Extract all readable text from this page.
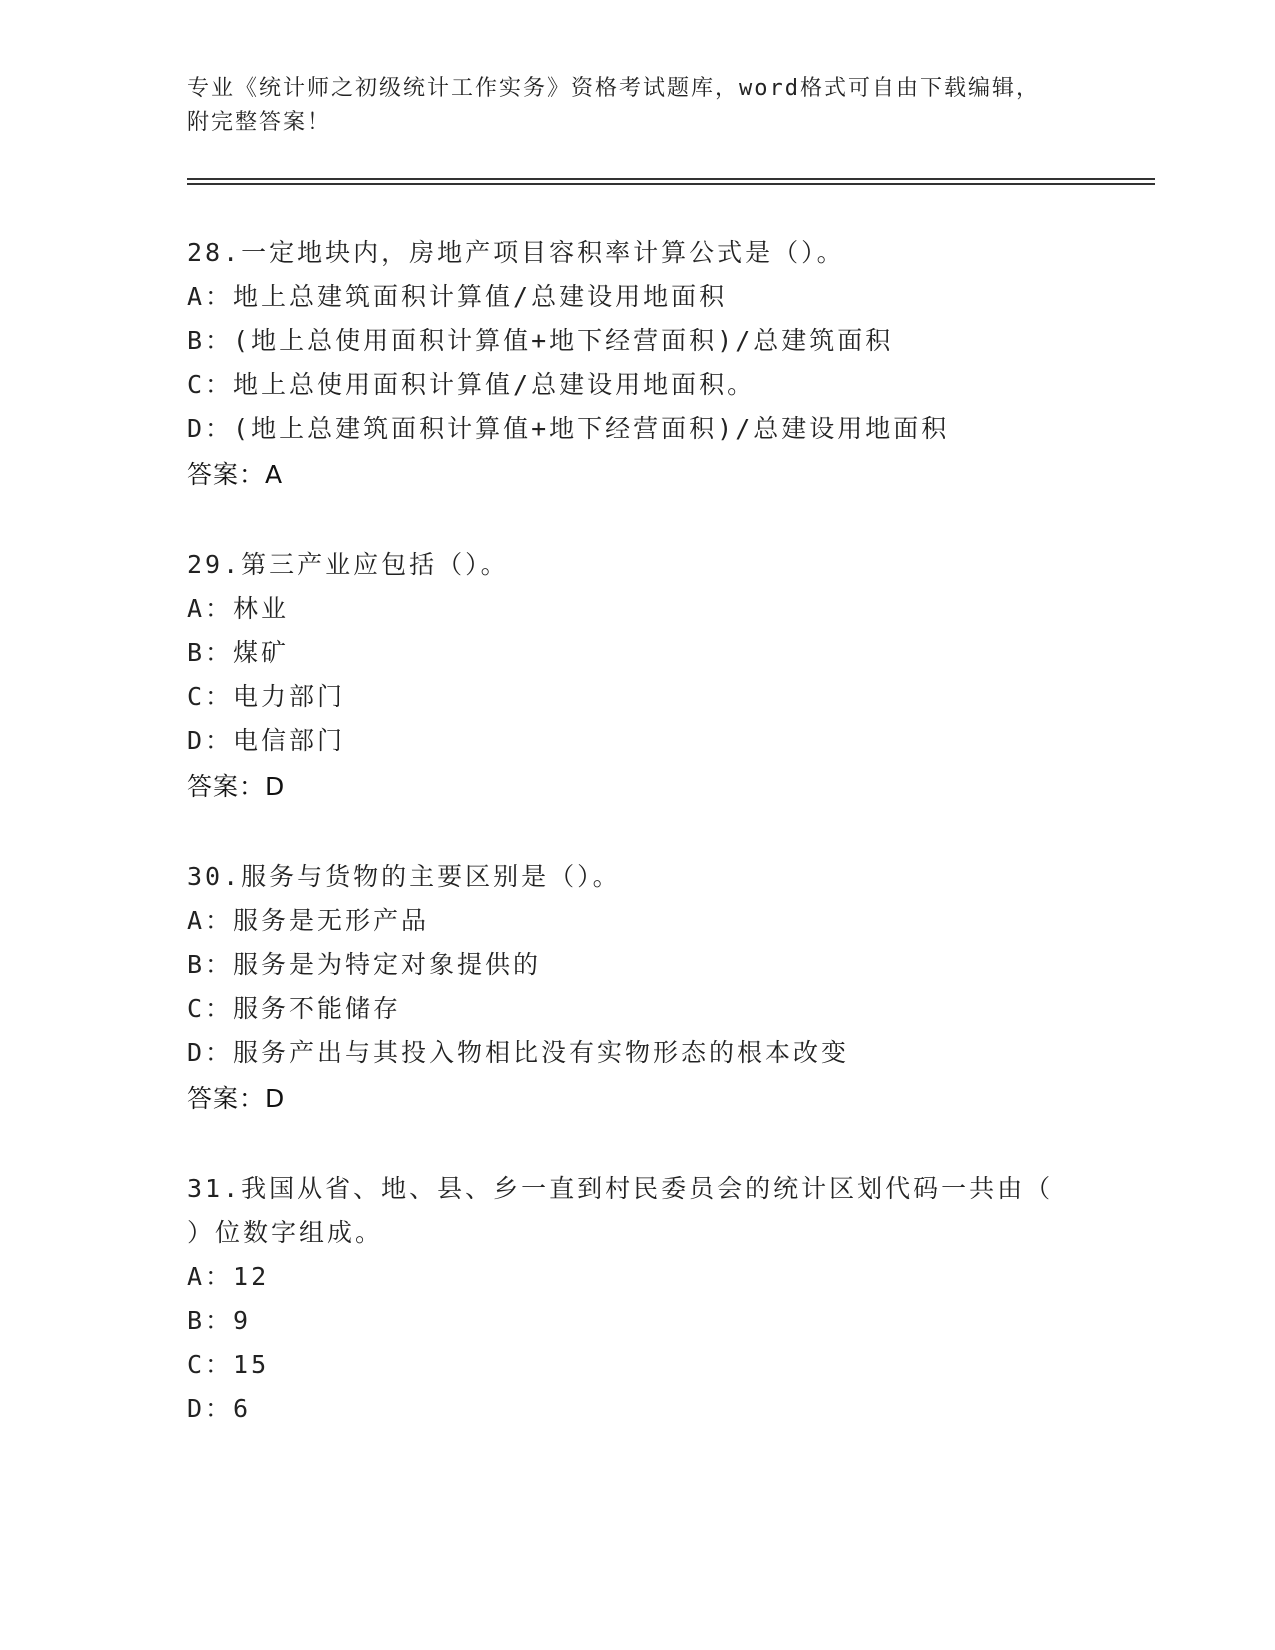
专业《统计师之初级统计工作实务》资格考试题库，word格式可自由下载编辑，
附完整答案！
28.一定地块内，房地产项目容积率计算公式是（）。
A：地上总建筑面积计算值/总建设用地面积
B：(地上总使用面积计算值+地下经营面积)/总建筑面积
C：地上总使用面积计算值/总建设用地面积。
D：(地上总建筑面积计算值+地下经营面积)/总建设用地面积
答案：A
29.第三产业应包括（）。
A：林业
B：煤矿
C：电力部门
D：电信部门
答案：D
30.服务与货物的主要区别是（）。
A：服务是无形产品
B：服务是为特定对象提供的
C：服务不能储存
D：服务产出与其投入物相比没有实物形态的根本改变
答案：D
31.我国从省、地、县、乡一直到村民委员会的统计区划代码一共由（
）位数字组成。
A：12
B：9
C：15
D：6
